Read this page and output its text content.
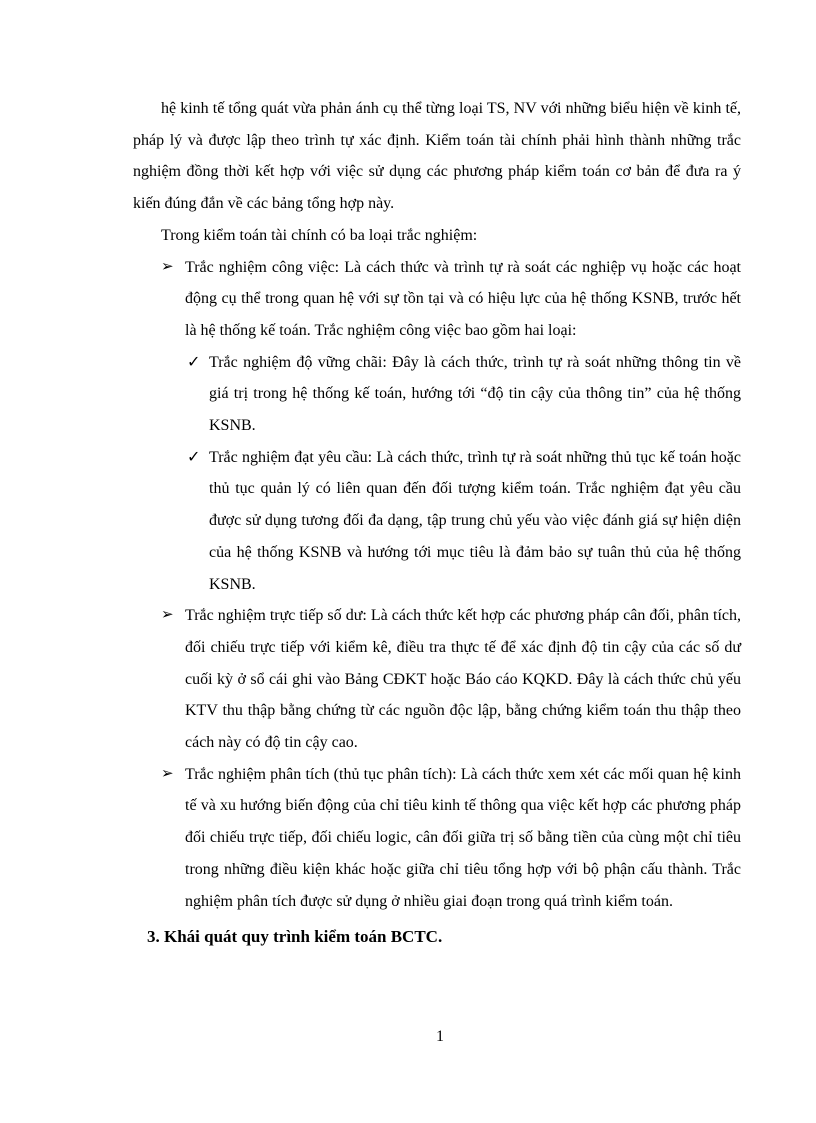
hệ kinh tế tổng quát vừa phản ánh cụ thể từng loại TS, NV với những biểu hiện về kinh tế, pháp lý và được lập theo trình tự xác định. Kiểm toán tài chính phải hình thành những trắc nghiệm đồng thời kết hợp với việc sử dụng các phương pháp kiểm toán cơ bản để đưa ra ý kiến đúng đắn về các bảng tổng hợp này.

Trong kiểm toán tài chính có ba loại trắc nghiệm:

➢ Trắc nghiệm công việc: Là cách thức và trình tự rà soát các nghiệp vụ hoặc các hoạt động cụ thể trong quan hệ với sự tồn tại và có hiệu lực của hệ thống KSNB, trước hết là hệ thống kế toán. Trắc nghiệm công việc bao gồm hai loại:
✓ Trắc nghiệm độ vững chãi: Đây là cách thức, trình tự rà soát những thông tin về giá trị trong hệ thống kế toán, hướng tới “độ tin cậy của thông tin” của hệ thống KSNB.
✓ Trắc nghiệm đạt yêu cầu: Là cách thức, trình tự rà soát những thủ tục kế toán hoặc thủ tục quản lý có liên quan đến đối tượng kiểm toán. Trắc nghiệm đạt yêu cầu được sử dụng tương đối đa dạng, tập trung chủ yếu vào việc đánh giá sự hiện diện của hệ thống KSNB và hướng tới mục tiêu là đảm bảo sự tuân thủ của hệ thống KSNB.
➢ Trắc nghiệm trực tiếp số dư: Là cách thức kết hợp các phương pháp cân đối, phân tích, đối chiếu trực tiếp với kiểm kê, điều tra thực tế để xác định độ tin cậy của các số dư cuối kỳ ở sổ cái ghi vào Bảng CĐKT hoặc Báo cáo KQKD. Đây là cách thức chủ yếu KTV thu thập bằng chứng từ các nguồn độc lập, bằng chứng kiểm toán thu thập theo cách này có độ tin cậy cao.
➢ Trắc nghiệm phân tích (thủ tục phân tích): Là cách thức xem xét các mối quan hệ kinh tế và xu hướng biến động của chỉ tiêu kinh tế thông qua việc kết hợp các phương pháp đối chiếu trực tiếp, đối chiếu logic, cân đối giữa trị số bằng tiền của cùng một chỉ tiêu trong những điều kiện khác hoặc giữa chỉ tiêu tổng hợp với bộ phận cấu thành. Trắc nghiệm phân tích được sử dụng ở nhiều giai đoạn trong quá trình kiểm toán.

3. Khái quát quy trình kiểm toán BCTC.

1
